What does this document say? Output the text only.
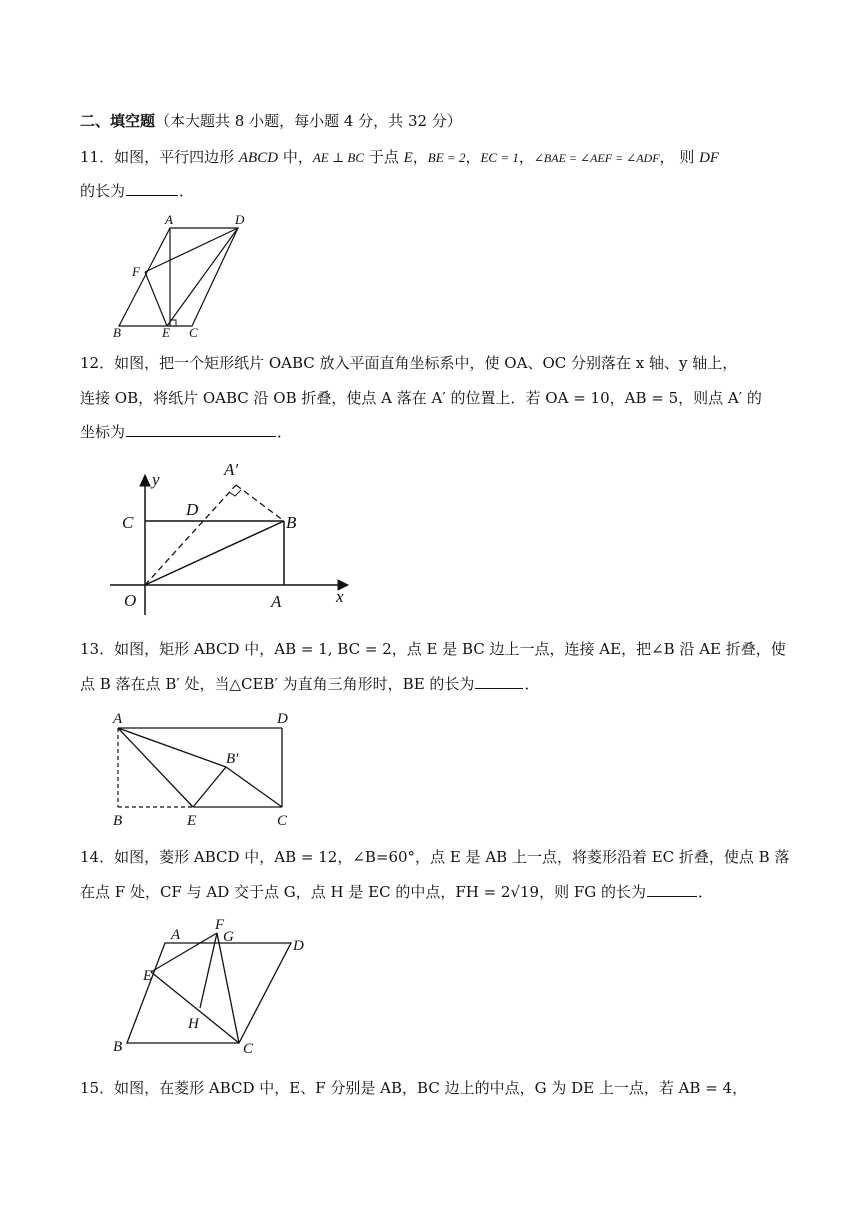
二、填空题（本大题共 8 小题，每小题 4 分，共 32 分）
11．如图，平行四边形 ABCD 中，AE ⊥ BC 于点 E，BE = 2，EC = 1，∠BAE = ∠AEF = ∠ADF， 则 DF
的长为	．
A	D
F
B	E C
12．如图，把一个矩形纸片 OABC 放入平面直角坐标系中，使 OA、OC 分别落在 x 轴、y 轴上，
连接 OB，将纸片 OABC 沿 OB 折叠，使点 A 落在 A′ 的位置上．若 OA = 10，AB = 5，则点 A′ 的
坐标为	．
y
A′
C
D
B
O	A	x
13．如图，矩形 ABCD 中，AB = 1, BC = 2，点 E 是 BC 边上一点，连接 AE，把∠B 沿 AE 折叠，使
点 B 落在点 B′ 处，当△CEB′ 为直角三角形时，BE 的长为	．
A	D
B′
B	E	C
14．如图，菱形 ABCD 中，AB = 12，∠B=60°，点 E 是 AB 上一点，将菱形沿着 EC 折叠，使点 B 落
在点 F 处，CF 与 AD 交于点 G，点 H 是 EC 的中点，FH = 2√19，则 FG 的长为	．
A
F
G
D
E
H
B	C
15．如图，在菱形 ABCD 中，E、F 分别是 AB，BC 边上的中点，G 为 DE 上一点，若 AB = 4，
